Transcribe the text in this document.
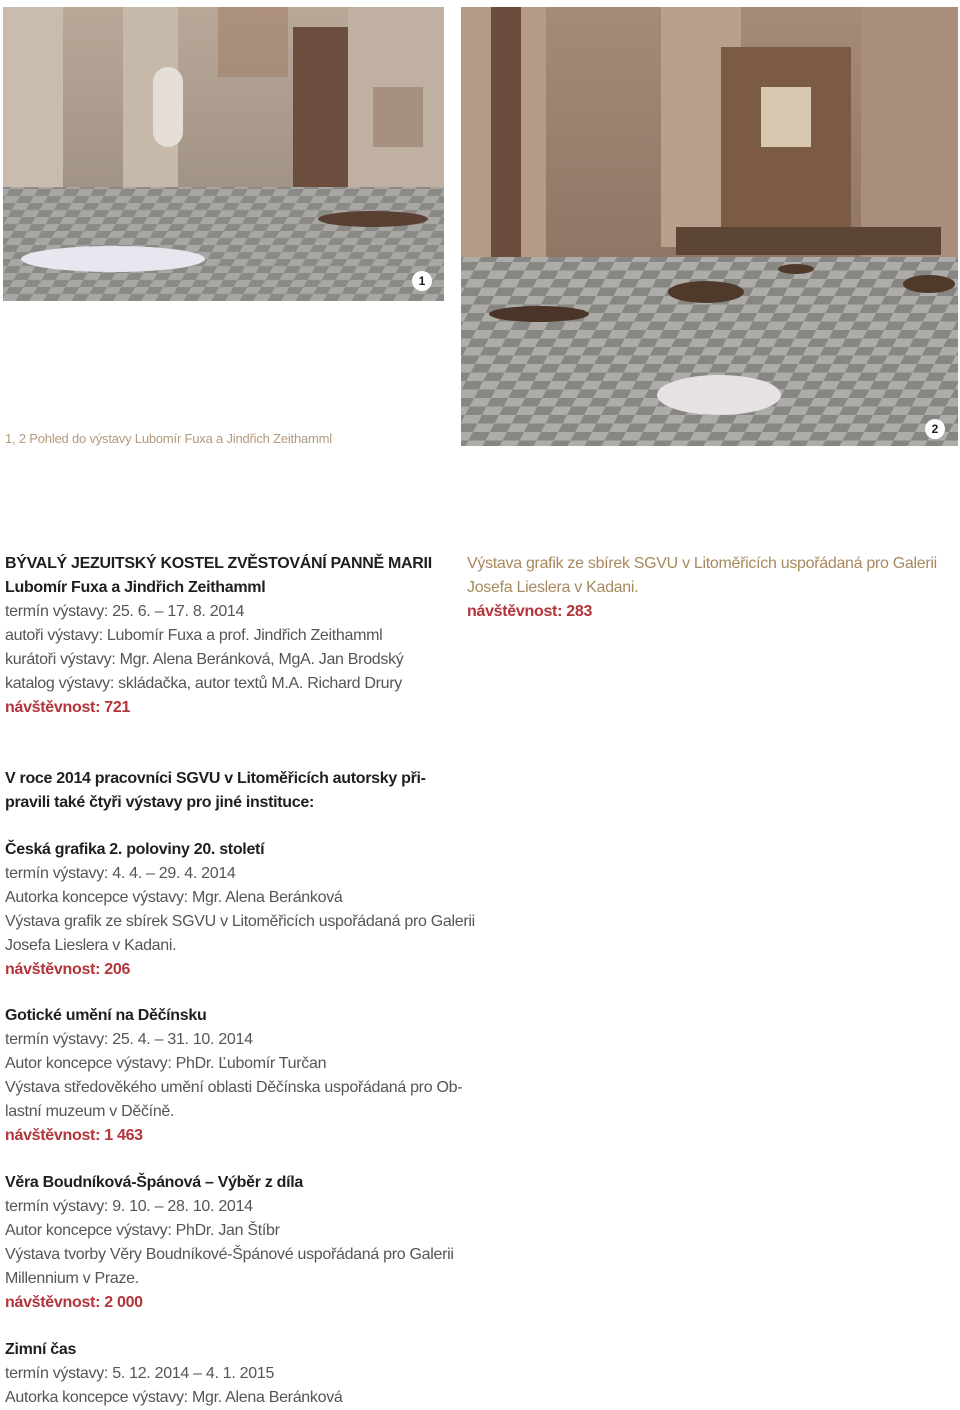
1
2
1, 2 Pohled do výstavy Lubomír Fuxa a Jindřich Zeithamml
BÝVALÝ JEZUITSKÝ KOSTEL ZVĚSTOVÁNÍ PANNĚ MARII
Lubomír Fuxa a Jindřich Zeithamml
termín výstavy: 25. 6. – 17. 8. 2014
autoři výstavy: Lubomír Fuxa a prof. Jindřich Zeithamml
kurátoři výstavy: Mgr. Alena Beránková, MgA. Jan Brodský
katalog výstavy: skládačka, autor textů M.A. Richard Drury
návštěvnost: 721
Výstava grafik ze sbírek SGVU v Litoměřicích uspořádaná pro Galerii
Josefa Lieslera v Kadani.
návštěvnost: 283
V roce 2014 pracovníci SGVU v Litoměřicích autorsky při-
pravili také čtyři výstavy pro jiné instituce:
Česká grafika 2. poloviny 20. století
termín výstavy: 4. 4. – 29. 4. 2014
Autorka koncepce výstavy: Mgr. Alena Beránková
Výstava grafik ze sbírek SGVU v Litoměřicích uspořádaná pro Galerii
Josefa Lieslera v Kadani.
návštěvnost: 206
Gotické umění na Děčínsku
termín výstavy: 25. 4. – 31. 10. 2014
Autor koncepce výstavy: PhDr. Ľubomír Turčan
Výstava středověkého umění oblasti Děčínska uspořádaná pro Ob-
lastní muzeum v Děčíně.
návštěvnost: 1 463
Věra Boudníková-Špánová – Výběr z díla
termín výstavy: 9. 10. – 28. 10. 2014
Autor koncepce výstavy: PhDr. Jan Štíbr
Výstava tvorby Věry Boudníkové-Špánové uspořádaná pro Galerii
Millennium v Praze.
návštěvnost: 2 000
Zimní čas
termín výstavy: 5. 12. 2014 – 4. 1. 2015
Autorka koncepce výstavy: Mgr. Alena Beránková
